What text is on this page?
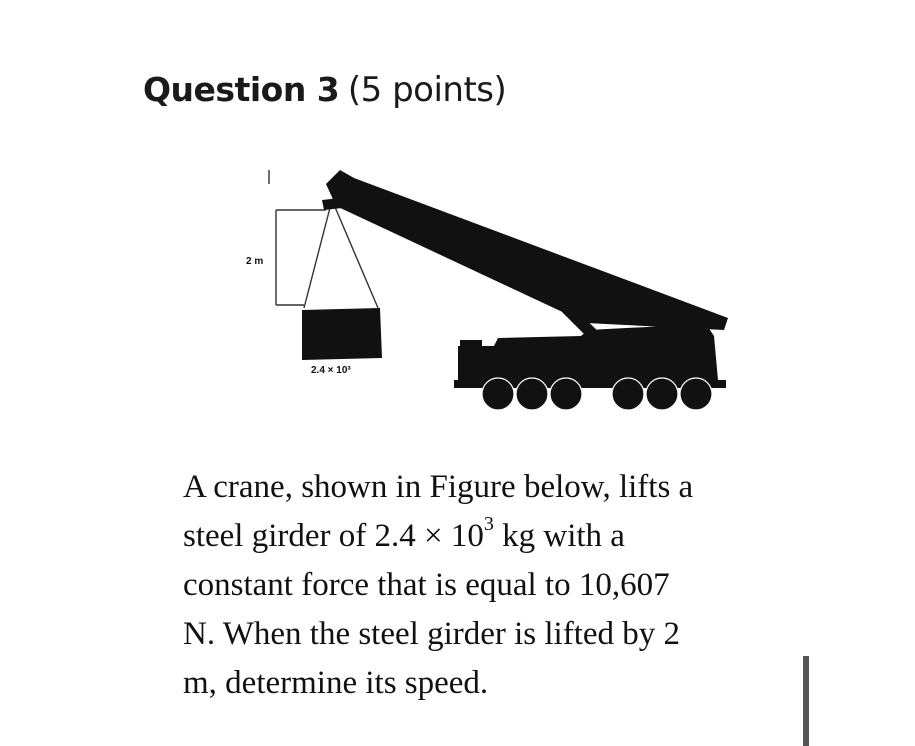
Question 3 (5 points)
2 m
2.4 × 10³
A crane, shown in Figure below, lifts a
steel girder of $2.4 \times 10^3$ kg with a
constant force that is equal to 10,607
N. When the steel girder is lifted by 2
m, determine its speed.
